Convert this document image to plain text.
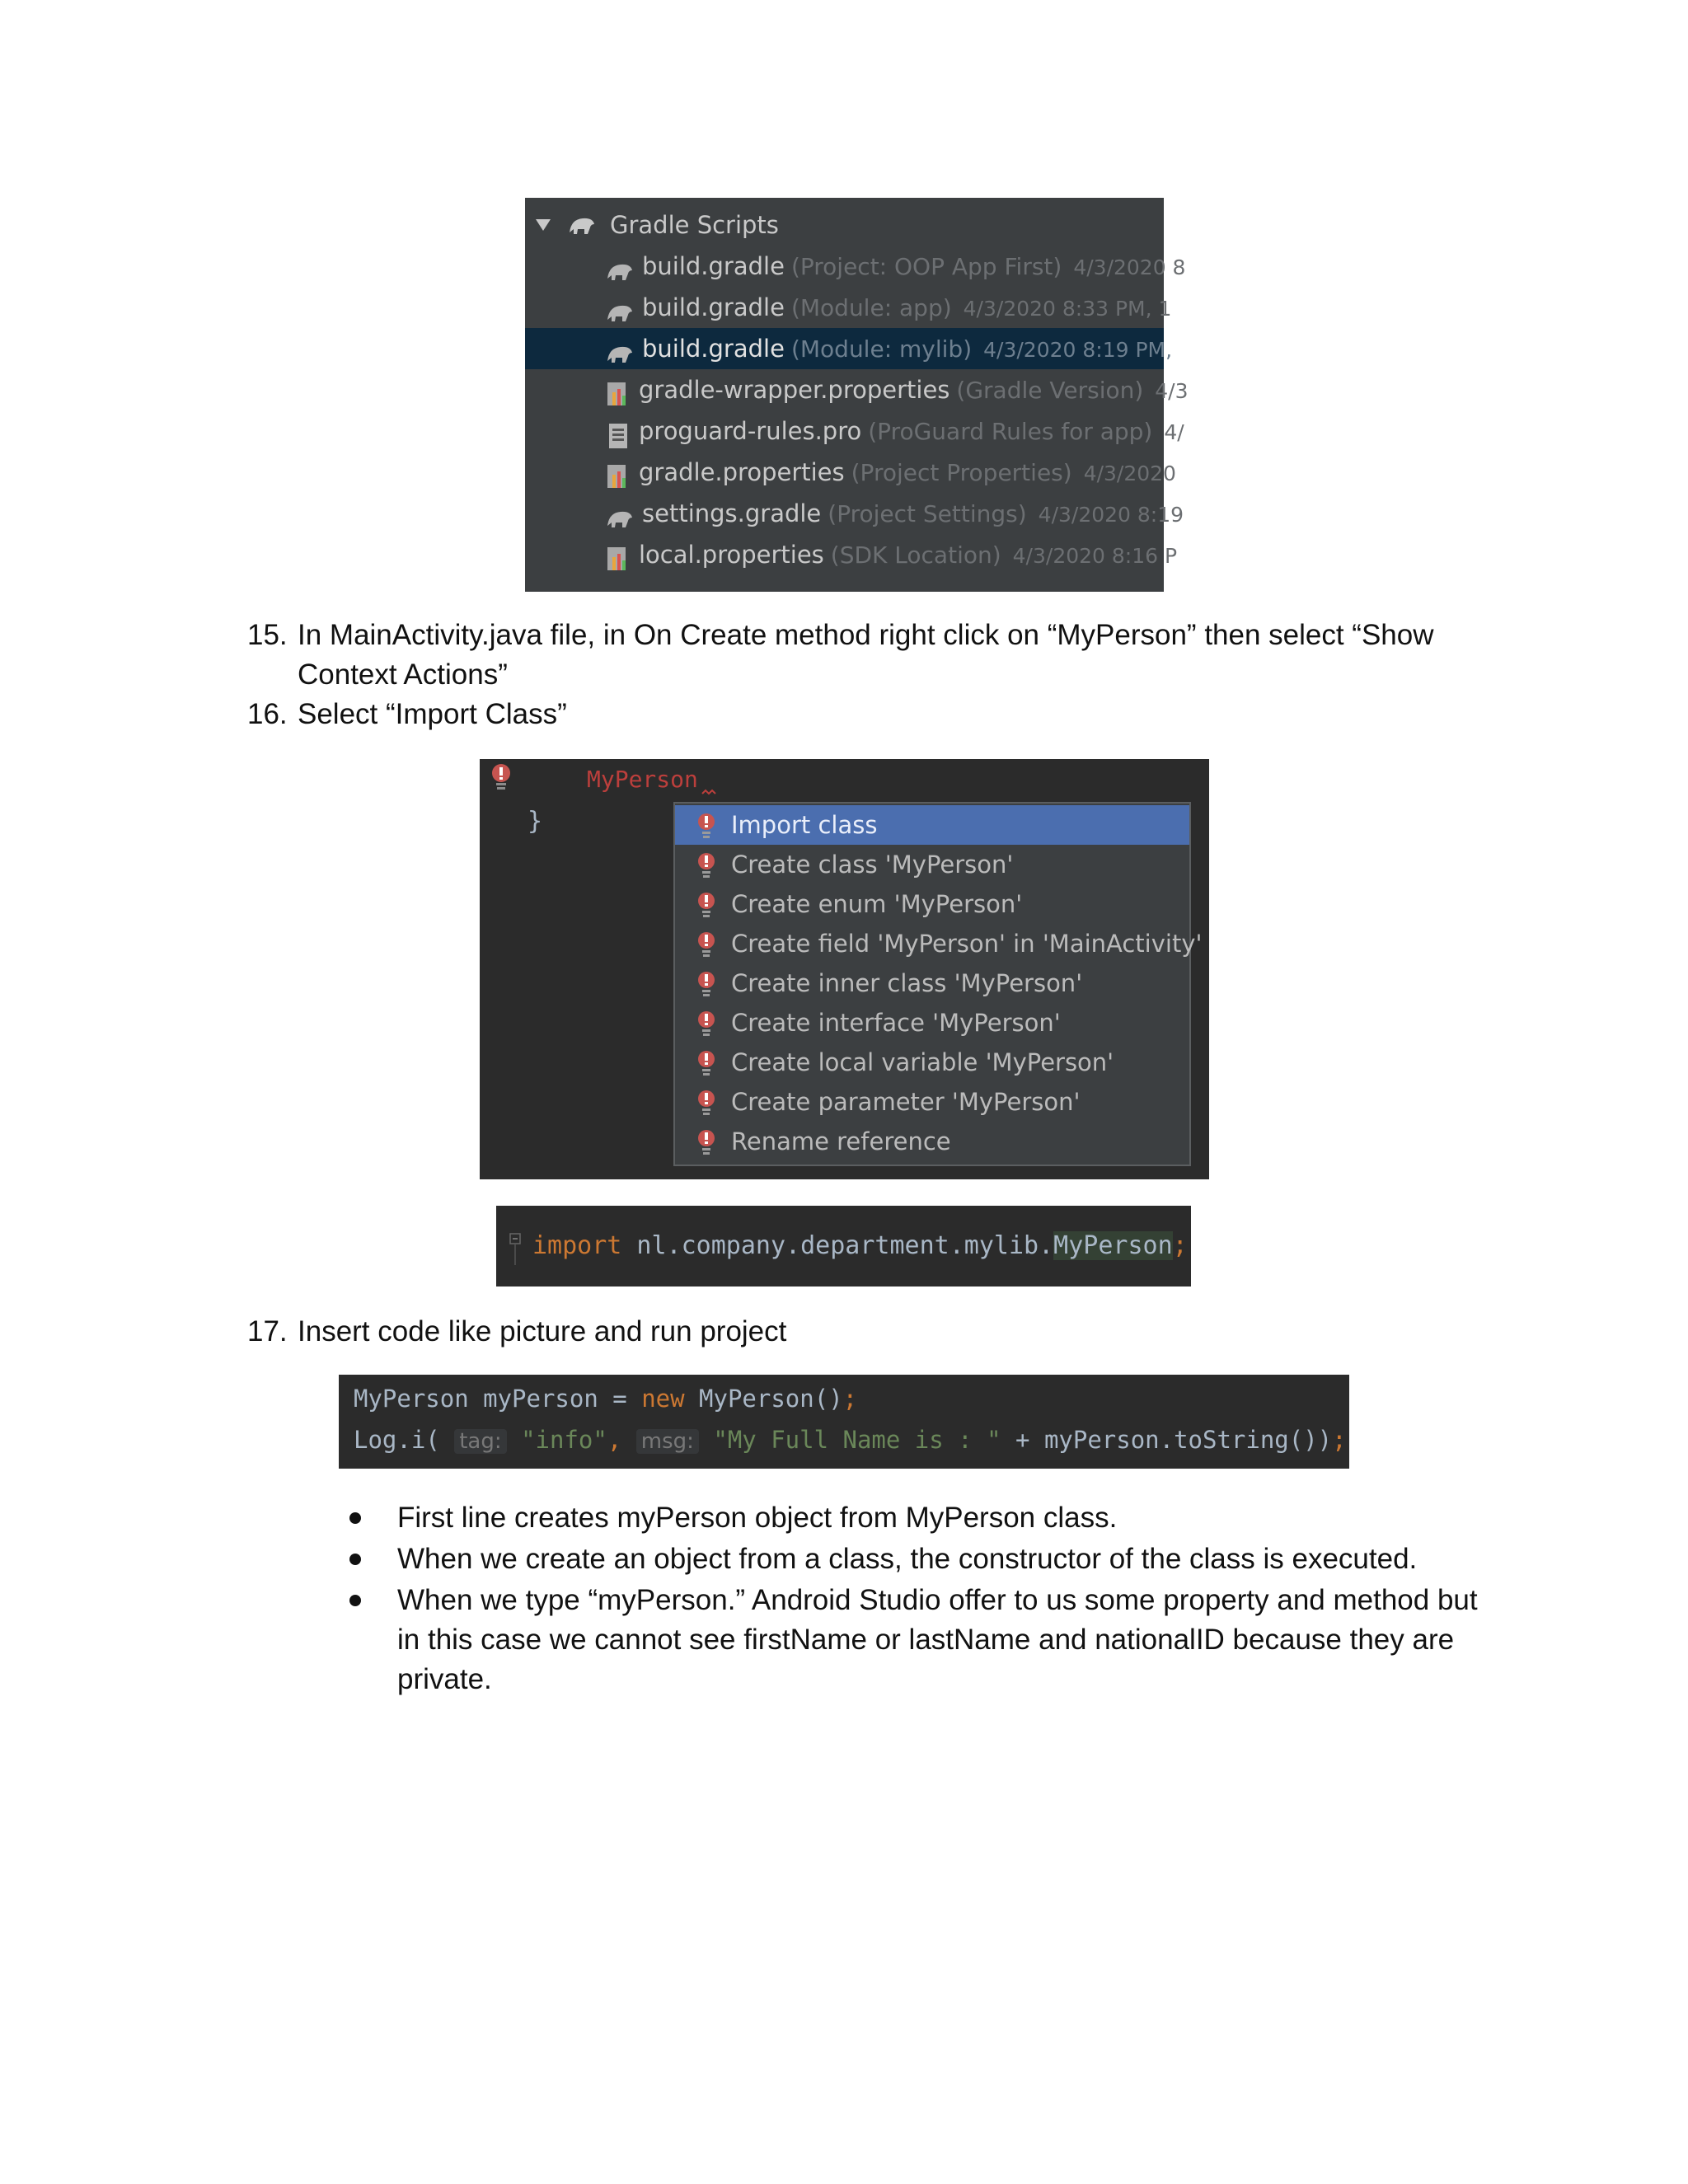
Gradle Scripts
build.gradle (Project: OOP App First) 4/3/2020 8
build.gradle (Module: app) 4/3/2020 8:33 PM, 1
build.gradle (Module: mylib) 4/3/2020 8:19 PM,
gradle-wrapper.properties (Gradle Version) 4/3
proguard-rules.pro (ProGuard Rules for app) 4/
gradle.properties (Project Properties) 4/3/2020
settings.gradle (Project Settings) 4/3/2020 8:19
local.properties (SDK Location) 4/3/2020 8:16 P
15. In MainActivity.java file, in On Create method right click on “MyPerson” then select “Show
Context Actions”
16. Select “Import Class”
MyPerson
}	Import class
Create class 'MyPerson'
Create enum 'MyPerson'
Create field 'MyPerson' in 'MainActivity'
Create inner class 'MyPerson'
Create interface 'MyPerson'
Create local variable 'MyPerson'
Create parameter 'MyPerson'
Rename reference
import nl.company.department.mylib.MyPerson;
17. Insert code like picture and run project
MyPerson myPerson = new MyPerson();
Log.i( tag: "info", msg: "My Full Name is : " + myPerson.toString());
First line creates myPerson object from MyPerson class.
When we create an object from a class, the constructor of the class is executed.
When we type “myPerson.” Android Studio offer to us some property and method but
in this case we cannot see firstName or lastName and nationalID because they are
private.
